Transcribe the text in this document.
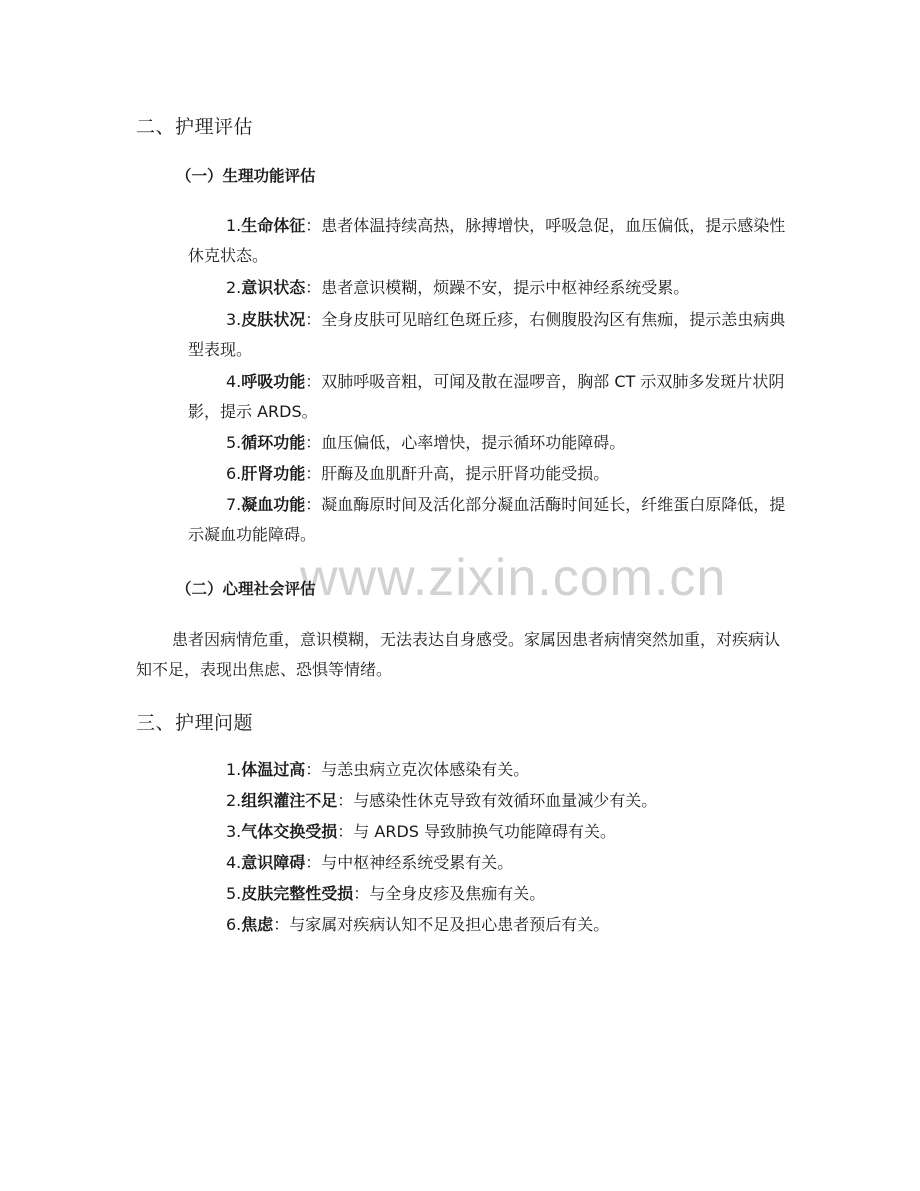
二、护理评估
（一）生理功能评估

1.生命体征：患者体温持续高热，脉搏增快，呼吸急促，血压偏低，提示感染性休克状态。

2.意识状态：患者意识模糊，烦躁不安，提示中枢神经系统受累。

3.皮肤状况：全身皮肤可见暗红色斑丘疹，右侧腹股沟区有焦痂，提示恙虫病典型表现。

4.呼吸功能：双肺呼吸音粗，可闻及散在湿啰音，胸部 CT 示双肺多发斑片状阴影，提示 ARDS。

5.循环功能：血压偏低，心率增快，提示循环功能障碍。

6.肝肾功能：肝酶及血肌酐升高，提示肝肾功能受损。

7.凝血功能：凝血酶原时间及活化部分凝血活酶时间延长，纤维蛋白原降低，提示凝血功能障碍。

www.zixin.com.cn
（二）心理社会评估

患者因病情危重，意识模糊，无法表达自身感受。家属因患者病情突然加重，对疾病认知不足，表现出焦虑、恐惧等情绪。

三、护理问题

1.体温过高：与恙虫病立克次体感染有关。

2.组织灌注不足：与感染性休克导致有效循环血量减少有关。

3.气体交换受损：与 ARDS 导致肺换气功能障碍有关。

4.意识障碍：与中枢神经系统受累有关。

5.皮肤完整性受损：与全身皮疹及焦痂有关。

6.焦虑：与家属对疾病认知不足及担心患者预后有关。
